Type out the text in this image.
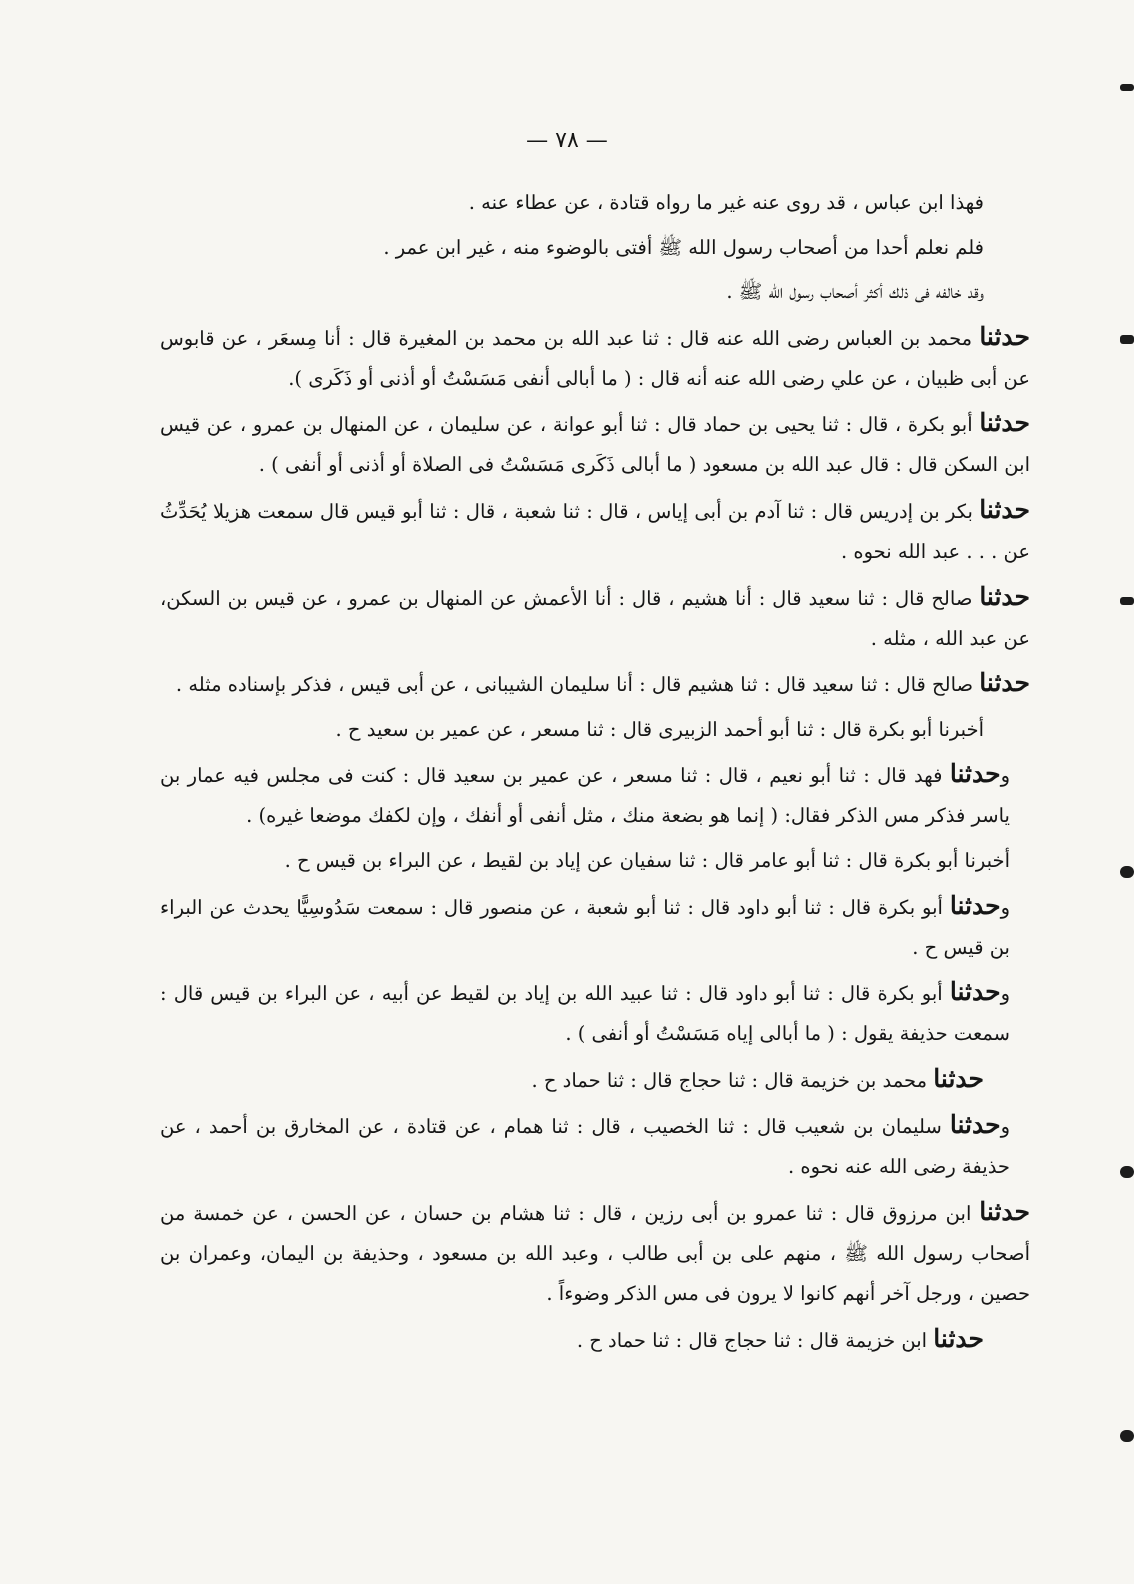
— ٧٨ —

فهذا ابن عباس ، قد روى عنه غير ما رواه قتادة ، عن عطاء عنه .

فلم نعلم أحدا من أصحاب رسول الله ﷺ أفتى بالوضوء منه ، غير ابن عمر .

وقد خالفه فى ذلك أكثر أصحاب رسول الله ﷺ .

حدثنا محمد بن العباس رضى الله عنه قال : ثنا عبد الله بن محمد بن المغيرة قال : أنا مِسعَر ، عن قابوس عن أبى ظبيان ، عن علي رضى الله عنه أنه قال : ( ما أبالى أنفى مَسَسْتُ أو أذنى أو ذَكَرى ).

حدثنا أبو بكرة ، قال : ثنا يحيى بن حماد قال : ثنا أبو عوانة ، عن سليمان ، عن المنهال بن عمرو ، عن قيس ابن السكن قال : قال عبد الله بن مسعود ( ما أبالى ذَكَرى مَسَسْتُ فى الصلاة أو أذنى أو أنفى ) .

حدثنا بكر بن إدريس قال : ثنا آدم بن أبى إياس ، قال : ثنا شعبة ، قال : ثنا أبو قيس قال سمعت هزيلا يُحَدِّثُ عن . . . عبد الله نحوه .

حدثنا صالح قال : ثنا سعيد قال : أنا هشيم ، قال : أنا الأعمش عن المنهال بن عمرو ، عن قيس بن السكن، عن عبد الله ، مثله .

حدثنا صالح قال : ثنا سعيد قال : ثنا هشيم قال : أنا سليمان الشيبانى ، عن أبى قيس ، فذكر بإسناده مثله .

أخبرنا أبو بكرة قال : ثنا أبو أحمد الزبيرى قال : ثنا مسعر ، عن عمير بن سعيد ح .

وحدثنا فهد قال : ثنا أبو نعيم ، قال : ثنا مسعر ، عن عمير بن سعيد قال : كنت فى مجلس فيه عمار بن ياسر فذكر مس الذكر فقال: ( إنما هو بضعة منك ، مثل أنفى أو أنفك ، وإن لكفك موضعا غيره) .

أخبرنا أبو بكرة قال : ثنا أبو عامر قال : ثنا سفيان عن إياد بن لقيط ، عن البراء بن قيس ح .

وحدثنا أبو بكرة قال : ثنا أبو داود قال : ثنا أبو شعبة ، عن منصور قال : سمعت سَدُوسِيًّا يحدث عن البراء بن قيس ح .

وحدثنا أبو بكرة قال : ثنا أبو داود قال : ثنا عبيد الله بن إياد بن لقيط عن أبيه ، عن البراء بن قيس قال : سمعت حذيفة يقول : ( ما أبالى إياه مَسَسْتُ أو أنفى ) .

حدثنا محمد بن خزيمة قال : ثنا حجاج قال : ثنا حماد ح .

وحدثنا سليمان بن شعيب قال : ثنا الخصيب ، قال : ثنا همام ، عن قتادة ، عن المخارق بن أحمد ، عن حذيفة رضى الله عنه نحوه .

حدثنا ابن مرزوق قال : ثنا عمرو بن أبى رزين ، قال : ثنا هشام بن حسان ، عن الحسن ، عن خمسة من أصحاب رسول الله ﷺ ، منهم على بن أبى طالب ، وعبد الله بن مسعود ، وحذيفة بن اليمان، وعمران بن حصين ، ورجل آخر أنهم كانوا لا يرون فى مس الذكر وضوءاً .

حدثنا ابن خزيمة قال : ثنا حجاج قال : ثنا حماد ح .
